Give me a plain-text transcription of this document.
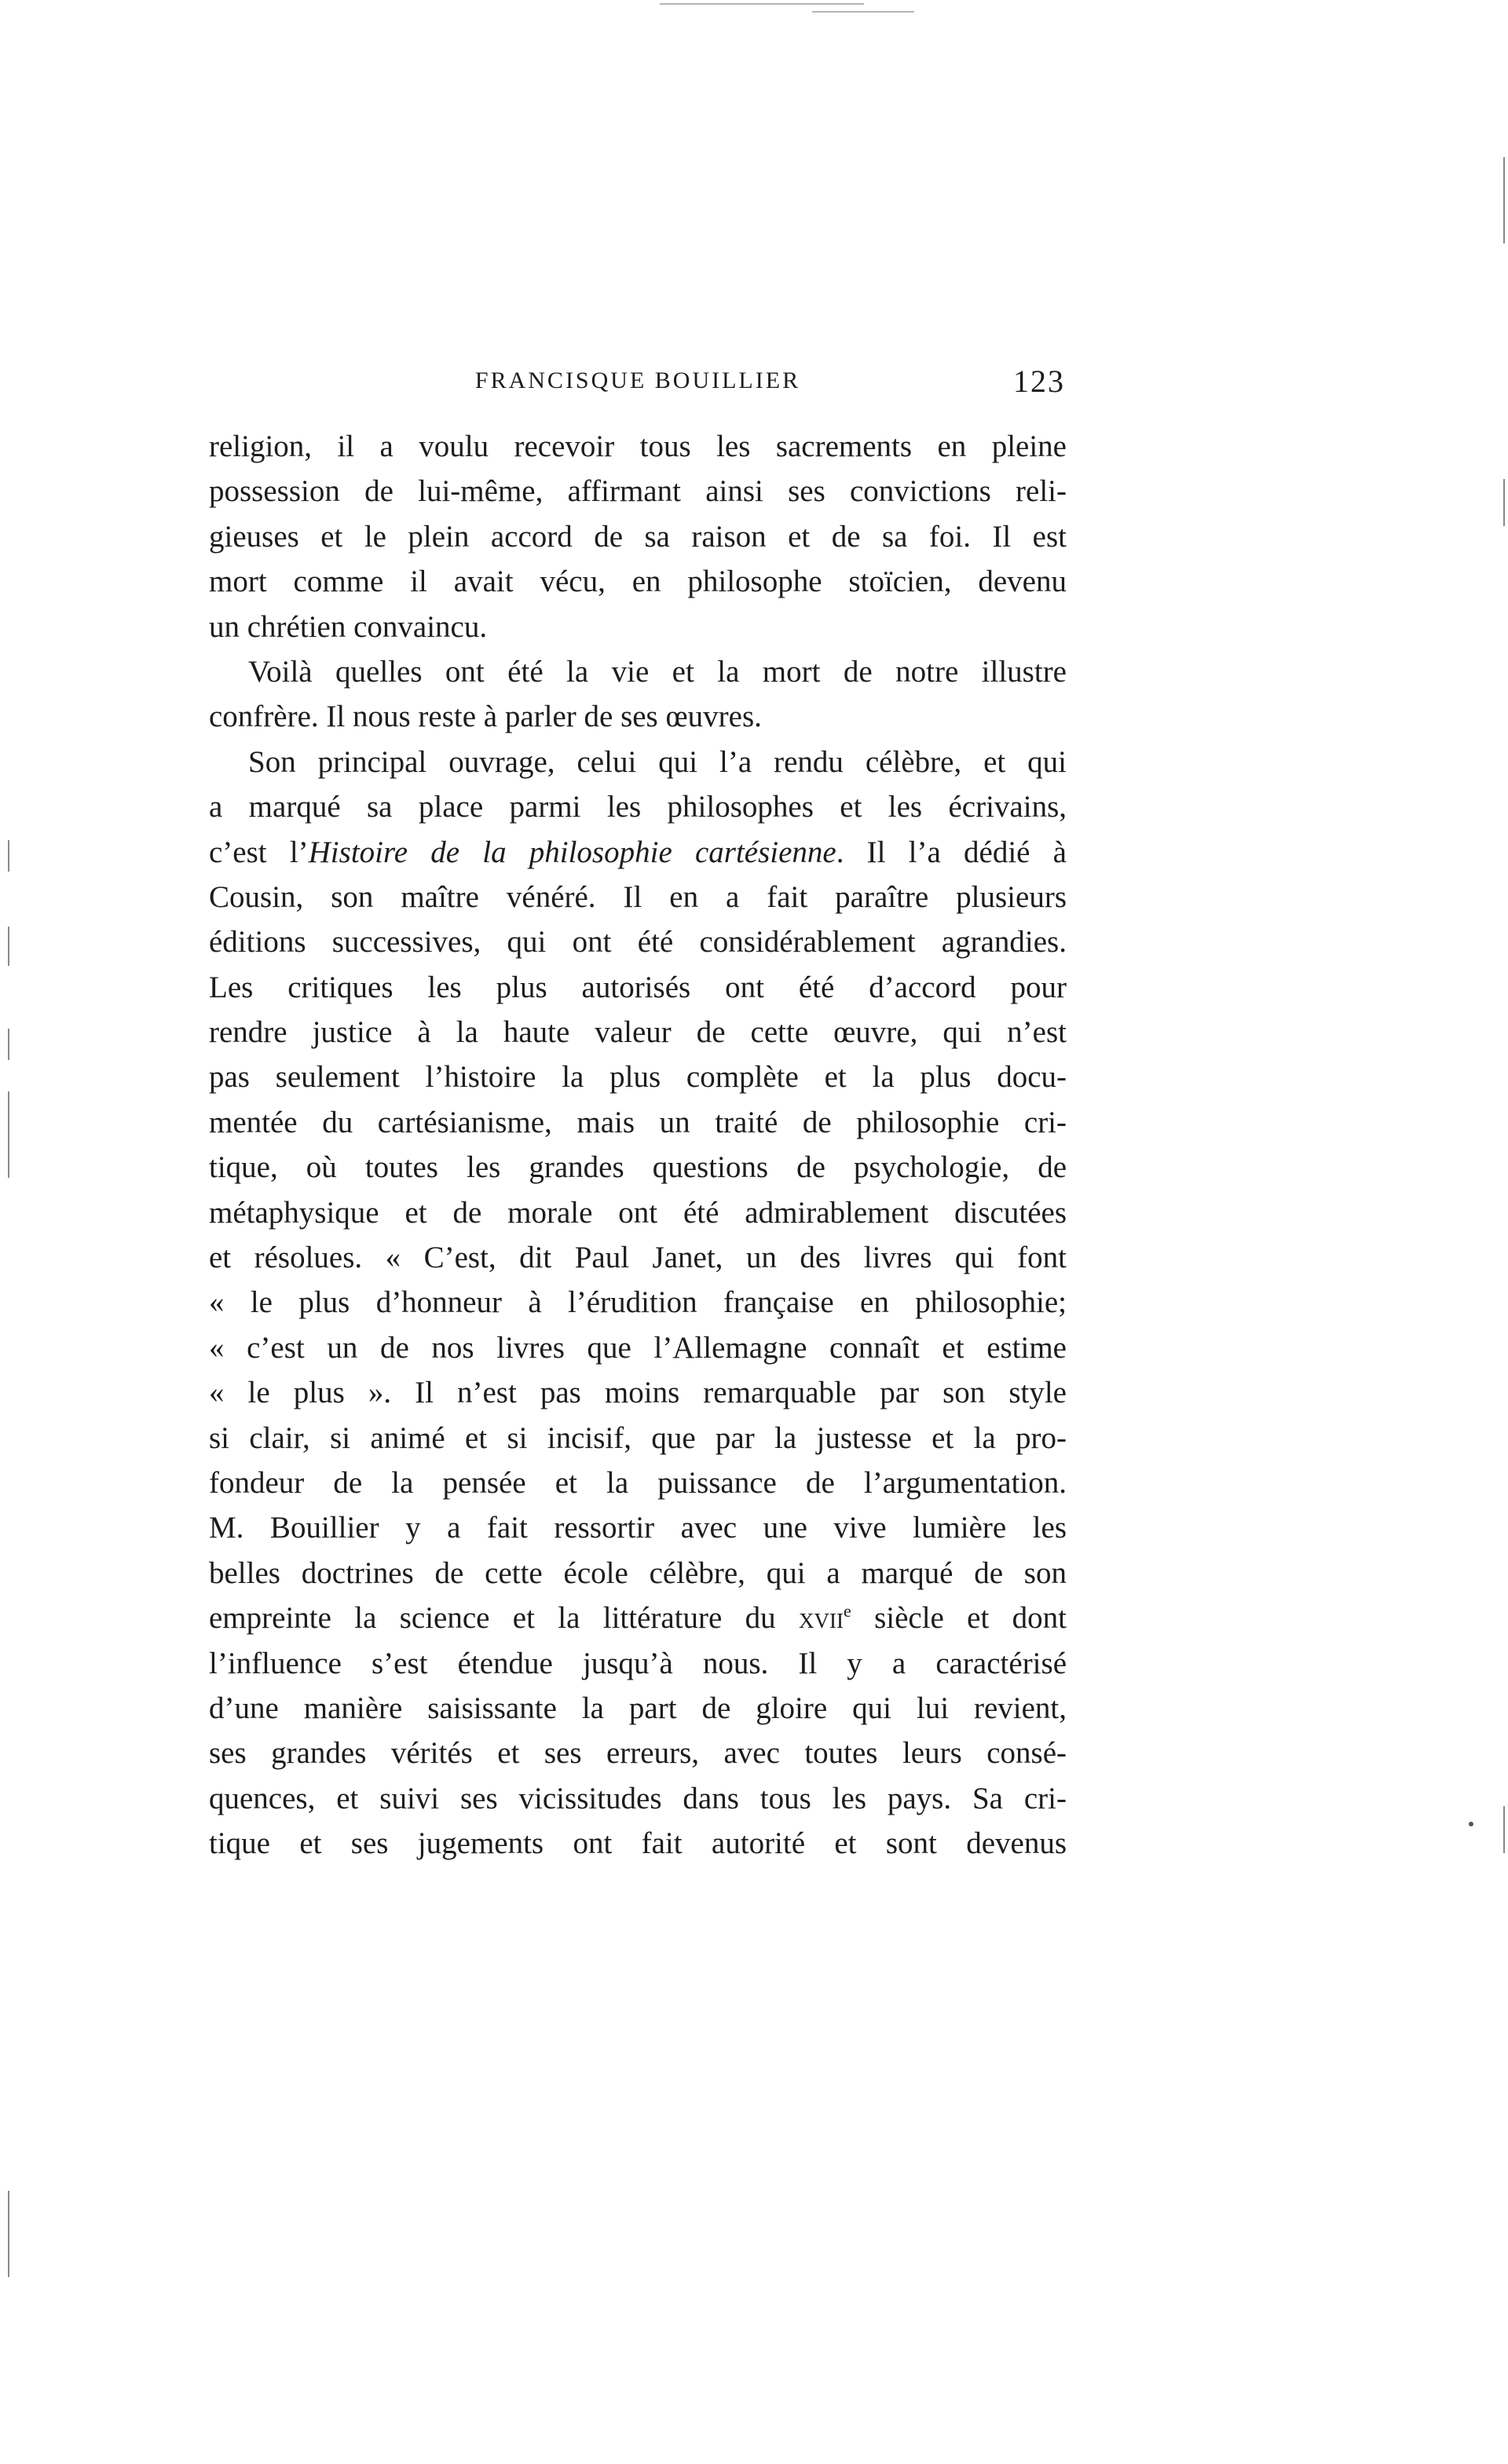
FRANCISQUE BOUILLIER	123
religion, il a voulu recevoir tous les sacrements en pleine
possession de lui-même, affirmant ainsi ses convictions reli-
gieuses et le plein accord de sa raison et de sa foi. Il est
mort comme il avait vécu, en philosophe stoïcien, devenu
un chrétien convaincu.
Voilà quelles ont été la vie et la mort de notre illustre
confrère. Il nous reste à parler de ses œuvres.
Son principal ouvrage, celui qui l’a rendu célèbre, et qui
a marqué sa place parmi les philosophes et les écrivains,
c’est l’Histoire de la philosophie cartésienne. Il l’a dédié à
Cousin, son maître vénéré. Il en a fait paraître plusieurs
éditions successives, qui ont été considérablement agrandies.
Les critiques les plus autorisés ont été d’accord pour
rendre justice à la haute valeur de cette œuvre, qui n’est
pas seulement l’histoire la plus complète et la plus docu-
mentée du cartésianisme, mais un traité de philosophie cri-
tique, où toutes les grandes questions de psychologie, de
métaphysique et de morale ont été admirablement discutées
et résolues. « C’est, dit Paul Janet, un des livres qui font
« le plus d’honneur à l’érudition française en philosophie;
« c’est un de nos livres que l’Allemagne connaît et estime
« le plus ». Il n’est pas moins remarquable par son style
si clair, si animé et si incisif, que par la justesse et la pro-
fondeur de la pensée et la puissance de l’argumentation.
M. Bouillier y a fait ressortir avec une vive lumière les
belles doctrines de cette école célèbre, qui a marqué de son
empreinte la science et la littérature du xvii$^e$ siècle et dont
l’influence s’est étendue jusqu’à nous. Il y a caractérisé
d’une manière saisissante la part de gloire qui lui revient,
ses grandes vérités et ses erreurs, avec toutes leurs consé-
quences, et suivi ses vicissitudes dans tous les pays. Sa cri-
tique et ses jugements ont fait autorité et sont devenus
